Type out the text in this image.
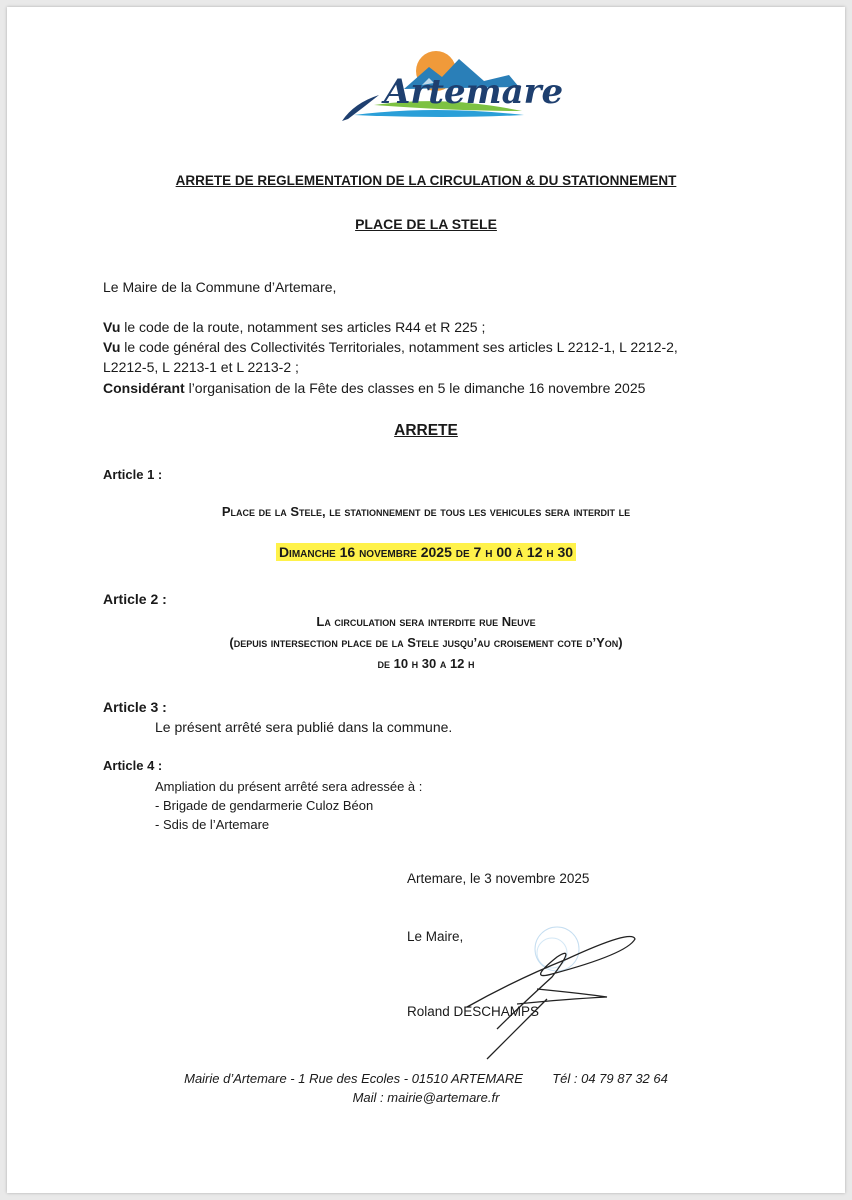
Artemare
ARRETE DE REGLEMENTATION DE LA CIRCULATION & DU STATIONNEMENT
PLACE DE LA STELE
Le Maire de la Commune d’Artemare,
Vu le code de la route, notamment ses articles R44 et R 225 ;
Vu le code général des Collectivités Territoriales, notamment ses articles L 2212-1, L 2212-2,
L2212-5, L 2213-1 et L 2213-2 ;
Considérant l’organisation de la Fête des classes en 5 le dimanche 16 novembre 2025
ARRETE
Article 1 :
Place de la Stele, le stationnement de tous les vehicules sera interdit le
Dimanche 16 novembre 2025 de 7 h 00 à 12 h 30
Article 2 :
La circulation sera interdite rue Neuve
(depuis intersection place de la Stele jusqu’au croisement cote d’Yon)
de 10 h 30 a 12 h
Article 3 :
Le présent arrêté sera publié dans la commune.
Article 4 :
Ampliation du présent arrêté sera adressée à :
- Brigade de gendarmerie Culoz Béon
- Sdis de l’Artemare
Artemare, le 3 novembre 2025
Le Maire,
Roland DESCHAMPS
Mairie d’Artemare - 1 Rue des Ecoles - 01510 ARTEMARE Tél : 04 79 87 32 64
Mail : mairie@artemare.fr
